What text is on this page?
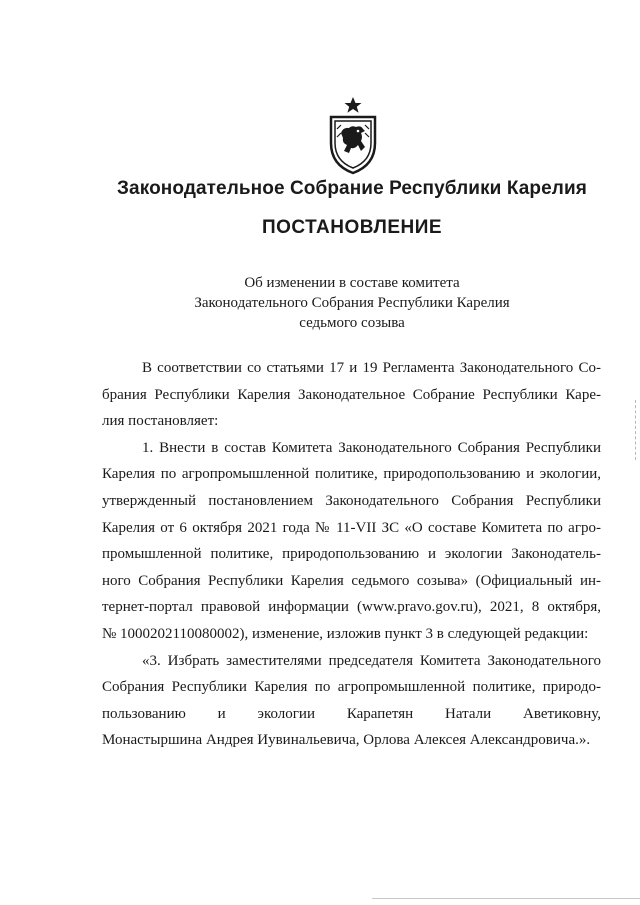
Законодательное Собрание Республики Карелия
ПОСТАНОВЛЕНИЕ
Об изменении в составе комитета
Законодательного Собрания Республики Карелия
седьмого созыва
В соответствии со статьями 17 и 19 Регламента Законодательного Со-
брания Республики Карелия Законодательное Собрание Республики Каре-
лия постановляет:
1. Внести в состав Комитета Законодательного Собрания Республики
Карелия по агропромышленной политике, природопользованию и экологии,
утвержденный постановлением Законодательного Собрания Республики
Карелия от 6 октября 2021 года № 11-VII ЗС «О составе Комитета по агро-
промышленной политике, природопользованию и экологии Законодатель-
ного Собрания Республики Карелия седьмого созыва» (Официальный ин-
тернет-портал правовой информации (www.pravo.gov.ru), 2021, 8 октября,
№ 1000202110080002), изменение, изложив пункт 3 в следующей редакции:
«3. Избрать заместителями председателя Комитета Законодательного
Собрания Республики Карелия по агропромышленной политике, природо-
пользованию и экологии Карапетян Натали Аветиковну,
Монастыршина Андрея Иувинальевича, Орлова Алексея Александровича.».
